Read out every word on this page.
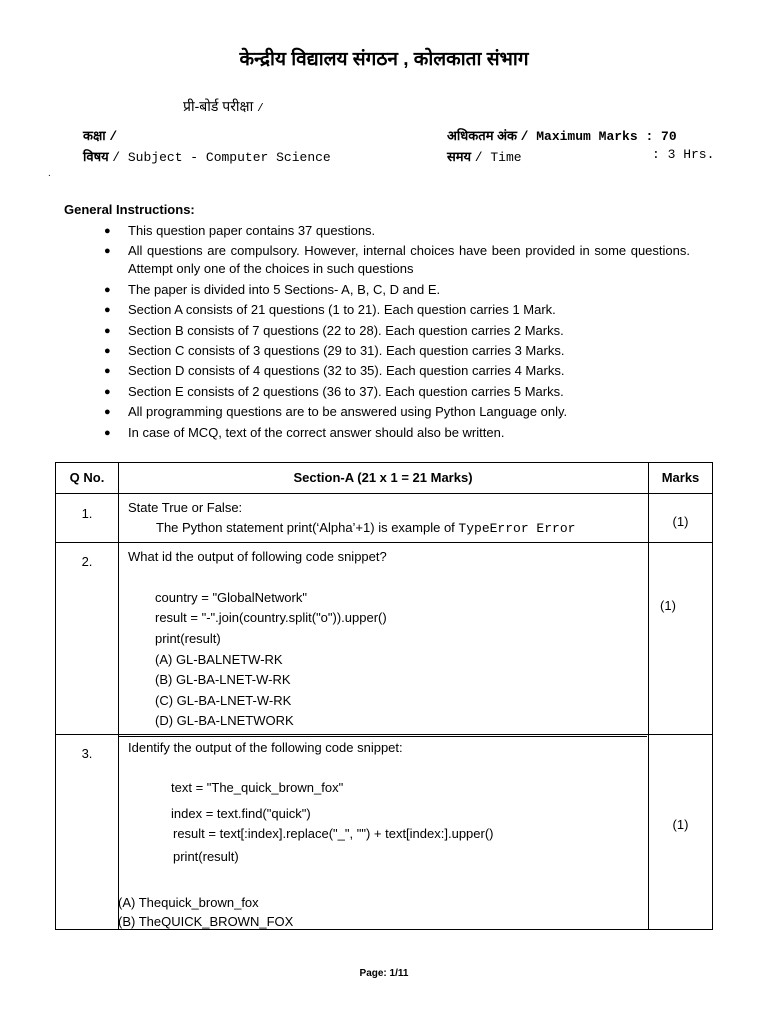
केन्द्रीय विद्यालय संगठन , कोलकाता संभाग
प्री-बोर्ड परीक्षा /
कक्षा /
विषय / Subject - Computer Science
अधिकतम अंक / Maximum Marks : 70
समय / Time	: 3 Hrs.
.
General Instructions:
● This question paper contains 37 questions.
● All questions are compulsory. However, internal choices have been provided in some questions. Attempt only one of the choices in such questions
● The paper is divided into 5 Sections- A, B, C, D and E.
● Section A consists of 21 questions (1 to 21). Each question carries 1 Mark.
● Section B consists of 7 questions (22 to 28). Each question carries 2 Marks.
● Section C consists of 3 questions (29 to 31). Each question carries 3 Marks.
● Section D consists of 4 questions (32 to 35). Each question carries 4 Marks.
● Section E consists of 2 questions (36 to 37). Each question carries 5 Marks.
● All programming questions are to be answered using Python Language only.
● In case of MCQ, text of the correct answer should also be written.
Q No.	Section-A (21 x 1 = 21 Marks)	Marks
1.	State True or False:
The Python statement print(‘Alpha’+1) is example of TypeError Error	(1)
2.	What id the output of following code snippet?
country = "GlobalNetwork"
result = "-".join(country.split("o")).upper()
print(result)
(A) GL-BALNETW-RK
(B) GL-BA-LNET-W-RK
(C) GL-BA-LNET-W-RK
(D) GL-BA-LNETWORK
(1)
3.	Identify the output of the following code snippet:
text = "The_quick_brown_fox"
index = text.find("quick")
result = text[:index].replace("_", "") + text[index:].upper()
print(result)
(A) Thequick_brown_fox
(B) TheQUICK_BROWN_FOX
(1)
Page: 1/11
